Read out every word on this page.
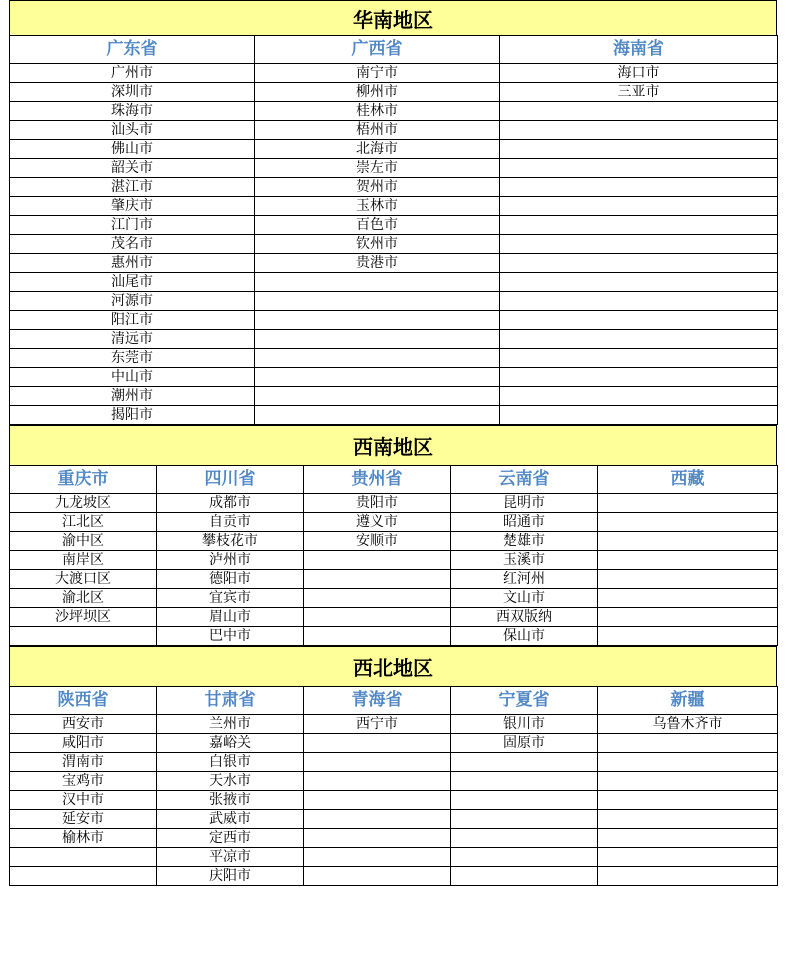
华南地区
广东省	广西省	海南省
广州市	南宁市	海口市
深圳市	柳州市	三亚市
珠海市	桂林市	
汕头市	梧州市	
佛山市	北海市	
韶关市	崇左市	
湛江市	贺州市	
肇庆市	玉林市	
江门市	百色市	
茂名市	钦州市	
惠州市	贵港市	
汕尾市		
河源市		
阳江市		
清远市		
东莞市		
中山市		
潮州市		
揭阳市		
西南地区
重庆市	四川省	贵州省	云南省	西藏
九龙坡区	成都市	贵阳市	昆明市	
江北区	自贡市	遵义市	昭通市	
渝中区	攀枝花市	安顺市	楚雄市	
南岸区	泸州市		玉溪市	
大渡口区	德阳市		红河州	
渝北区	宜宾市		文山市	
沙坪坝区	眉山市		西双版纳	
	巴中市		保山市	
西北地区
陕西省	甘肃省	青海省	宁夏省	新疆
西安市	兰州市	西宁市	银川市	乌鲁木齐市
咸阳市	嘉峪关		固原市	
渭南市	白银市			
宝鸡市	天水市			
汉中市	张掖市			
延安市	武威市			
榆林市	定西市			
	平凉市			
	庆阳市			
